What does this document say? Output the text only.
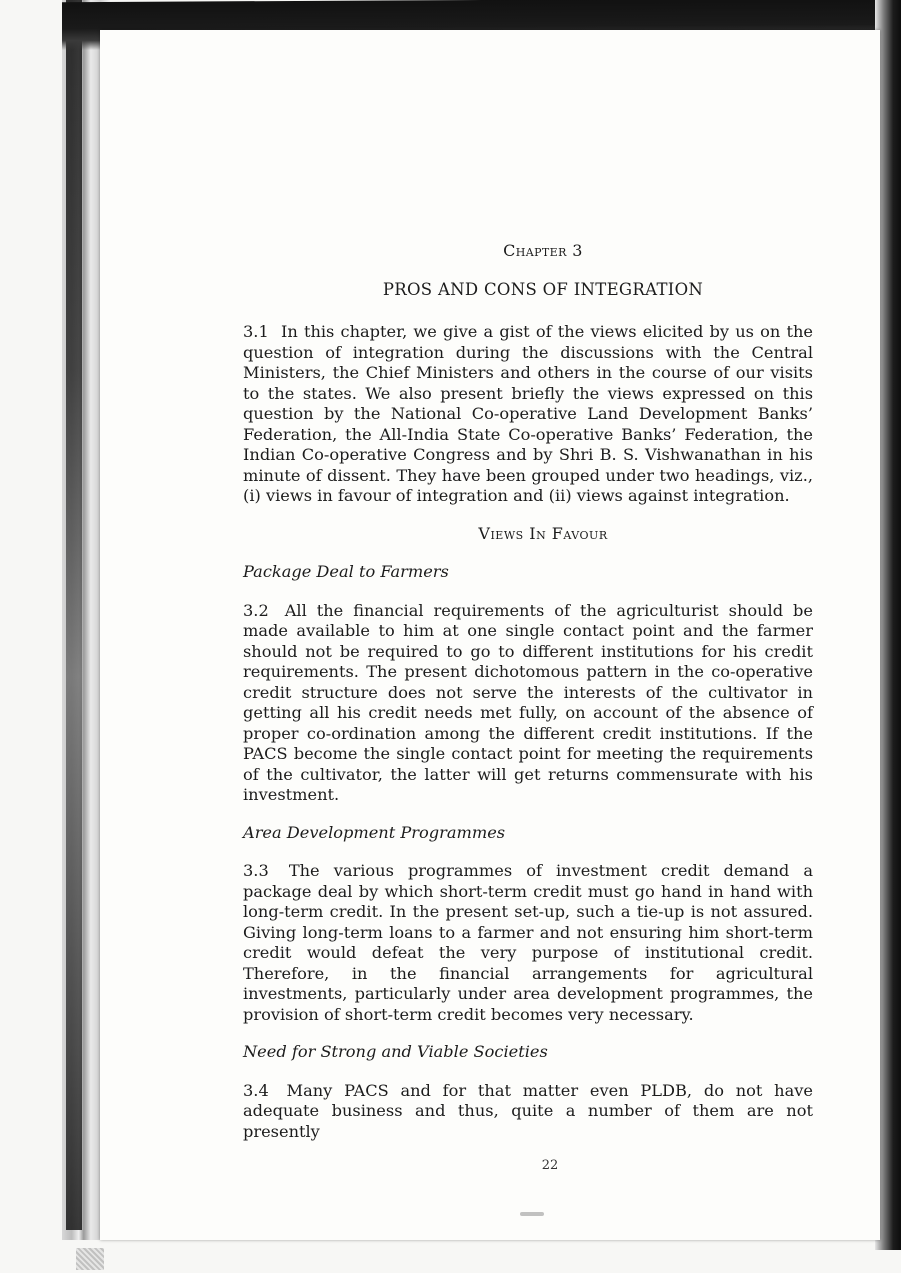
Chapter 3
PROS AND CONS OF INTEGRATION

3.1 In this chapter, we give a gist of the views elicited by us on the question of integration during the discussions with the Central Ministers, the Chief Ministers and others in the course of our visits to the states. We also present briefly the views expressed on this question by the National Co-operative Land Development Banks’ Federation, the All-India State Co-operative Banks’ Federation, the Indian Co-operative Congress and by Shri B. S. Vishwanathan in his minute of dissent. They have been grouped under two headings, viz., (i) views in favour of integration and (ii) views against integration.

Views In Favour
Package Deal to Farmers

3.2 All the financial requirements of the agriculturist should be made available to him at one single contact point and the farmer should not be required to go to different institutions for his credit requirements. The present dichotomous pattern in the co-operative credit structure does not serve the interests of the cultivator in getting all his credit needs met fully, on account of the absence of proper co-ordination among the different credit institutions. If the PACS become the single contact point for meeting the requirements of the cultivator, the latter will get returns commensurate with his investment.

Area Development Programmes

3.3 The various programmes of investment credit demand a package deal by which short-term credit must go hand in hand with long-term credit. In the present set-up, such a tie-up is not assured. Giving long-term loans to a farmer and not ensuring him short-term credit would defeat the very purpose of institutional credit. Therefore, in the financial arrangements for agricultural investments, particularly under area development programmes, the provision of short-term credit becomes very necessary.

Need for Strong and Viable Societies

3.4 Many PACS and for that matter even PLDB, do not have adequate business and thus, quite a number of them are not presently

22
